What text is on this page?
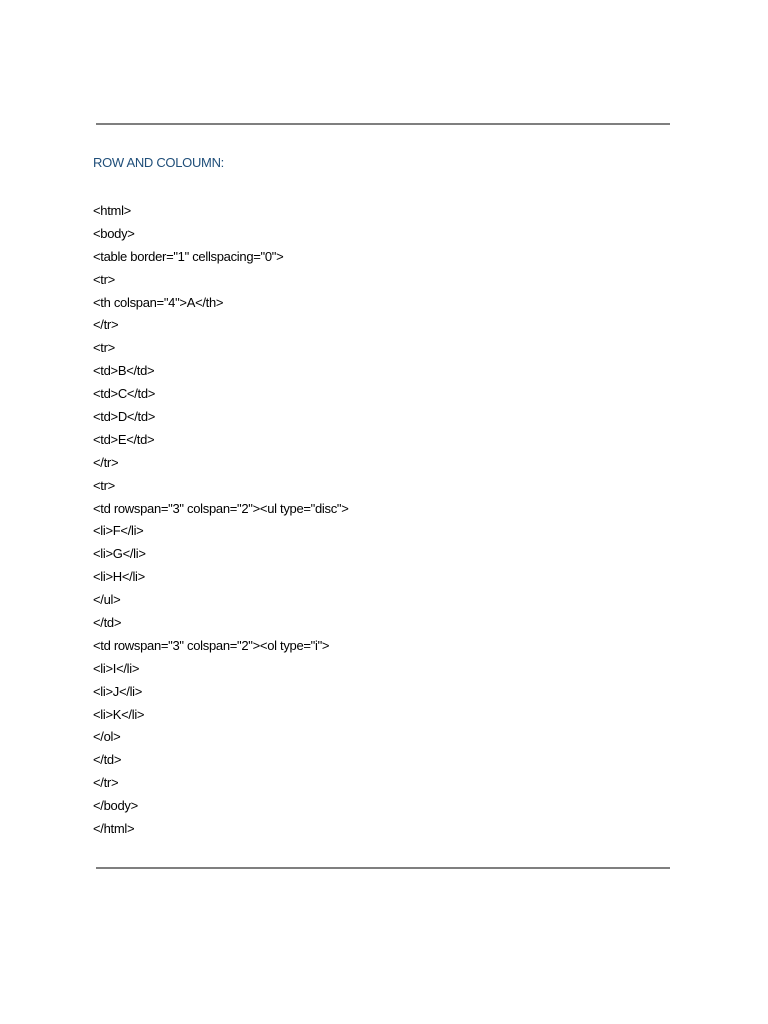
ROW AND COLOUMN:
<html>
<body>
<table border="1" cellspacing="0">
<tr>
<th colspan="4">A</th>
</tr>
<tr>
<td>B</td>
<td>C</td>
<td>D</td>
<td>E</td>
</tr>
<tr>
<td rowspan="3" colspan="2"><ul type="disc">
<li>F</li>
<li>G</li>
<li>H</li>
</ul>
</td>
<td rowspan="3" colspan="2"><ol type="i">
<li>I</li>
<li>J</li>
<li>K</li>
</ol>
</td>
</tr>
</body>
</html>
